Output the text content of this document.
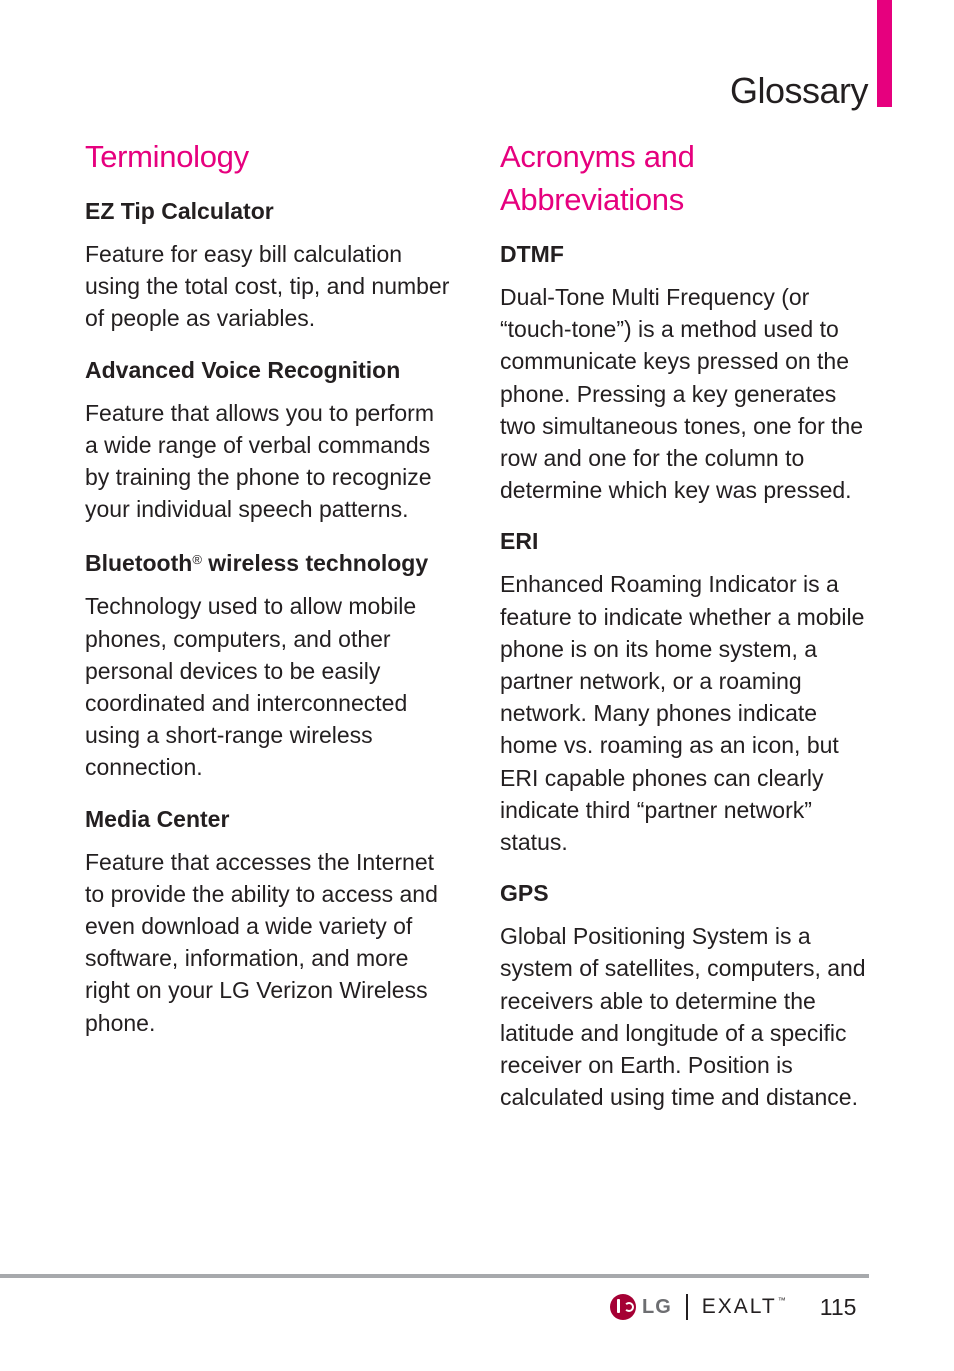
Glossary
Terminology
EZ Tip Calculator

Feature for easy bill calculation using the total cost, tip, and number of people as variables.

Advanced Voice Recognition

Feature that allows you to perform a wide range of verbal commands by training the phone to recognize your individual speech patterns.

Bluetooth® wireless technology

Technology used to allow mobile phones, computers, and other personal devices to be easily coordinated and interconnected using a short-range wireless connection.

Media Center

Feature that accesses the Internet to provide the ability to access and even download a wide variety of software, information, and more right on your LG Verizon Wireless phone.

Acronyms and
Abbreviations
DTMF

Dual-Tone Multi Frequency (or “touch-tone”) is a method used to communicate keys pressed on the phone. Pressing a key generates two simultaneous tones, one for the row and one for the column to determine which key was pressed.

ERI

Enhanced Roaming Indicator is a feature to indicate whether a mobile phone is on its home system, a partner network, or a roaming network. Many phones indicate home vs. roaming as an icon, but ERI capable phones can clearly indicate third “partner network” status.

GPS

Global Positioning System is a system of satellites, computers, and receivers able to determine the latitude and longitude of a specific receiver on Earth. Position is calculated using time and distance.

LG EXALT™ 115
